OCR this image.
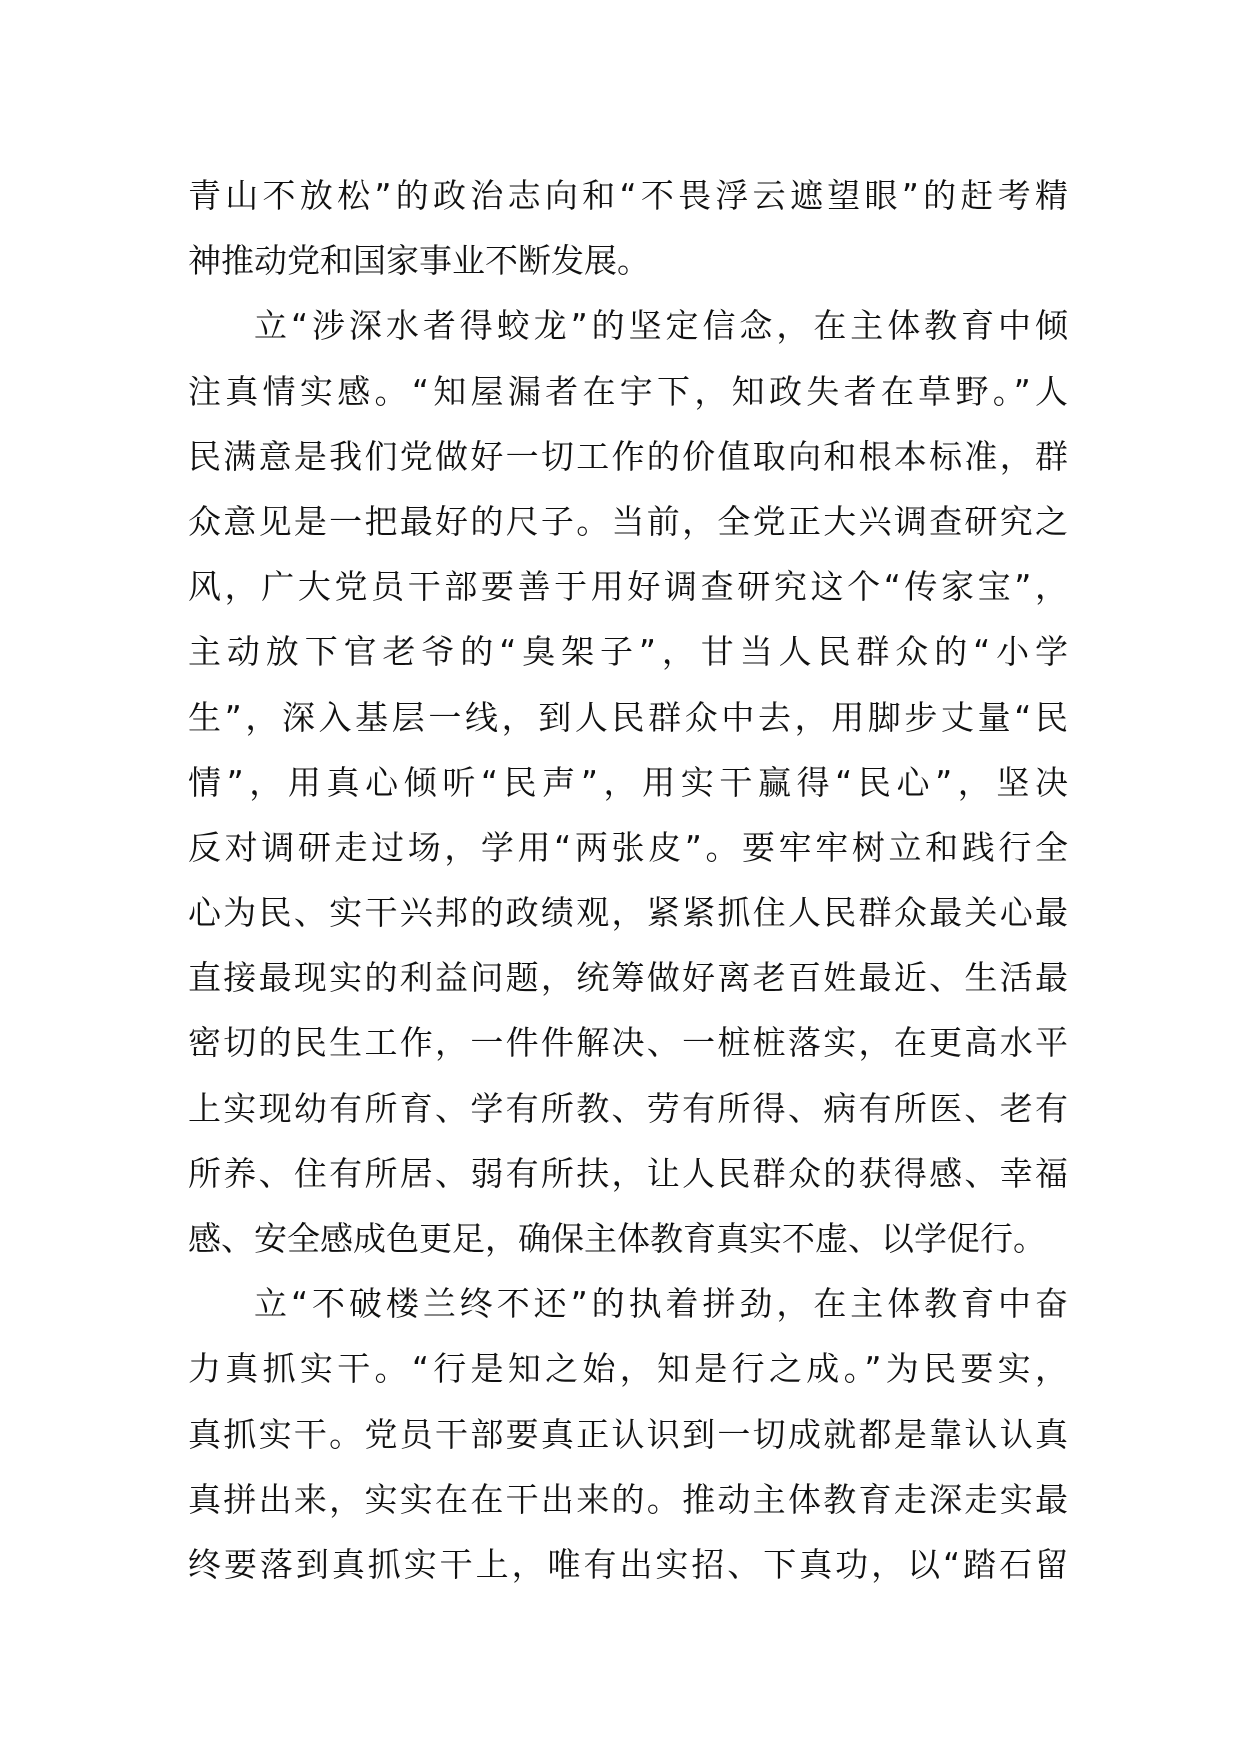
青山不放松”的政治志向和“不畏浮云遮望眼”的赶考精
神推动党和国家事业不断发展。
立“涉深水者得蛟龙”的坚定信念，在主体教育中倾
注真情实感。“知屋漏者在宇下，知政失者在草野。”人
民满意是我们党做好一切工作的价值取向和根本标准，群
众意见是一把最好的尺子。当前，全党正大兴调查研究之
风，广大党员干部要善于用好调查研究这个“传家宝”，
主动放下官老爷的“臭架子”，甘当人民群众的“小学
生”，深入基层一线，到人民群众中去，用脚步丈量“民
情”，用真心倾听“民声”，用实干赢得“民心”，坚决
反对调研走过场，学用“两张皮”。要牢牢树立和践行全
心为民、实干兴邦的政绩观，紧紧抓住人民群众最关心最
直接最现实的利益问题，统筹做好离老百姓最近、生活最
密切的民生工作，一件件解决、一桩桩落实，在更高水平
上实现幼有所育、学有所教、劳有所得、病有所医、老有
所养、住有所居、弱有所扶，让人民群众的获得感、幸福
感、安全感成色更足，确保主体教育真实不虚、以学促行。
立“不破楼兰终不还”的执着拼劲，在主体教育中奋
力真抓实干。“行是知之始，知是行之成。”为民要实，
真抓实干。党员干部要真正认识到一切成就都是靠认认真
真拼出来，实实在在干出来的。推动主体教育走深走实最
终要落到真抓实干上，唯有出实招、下真功，以“踏石留
